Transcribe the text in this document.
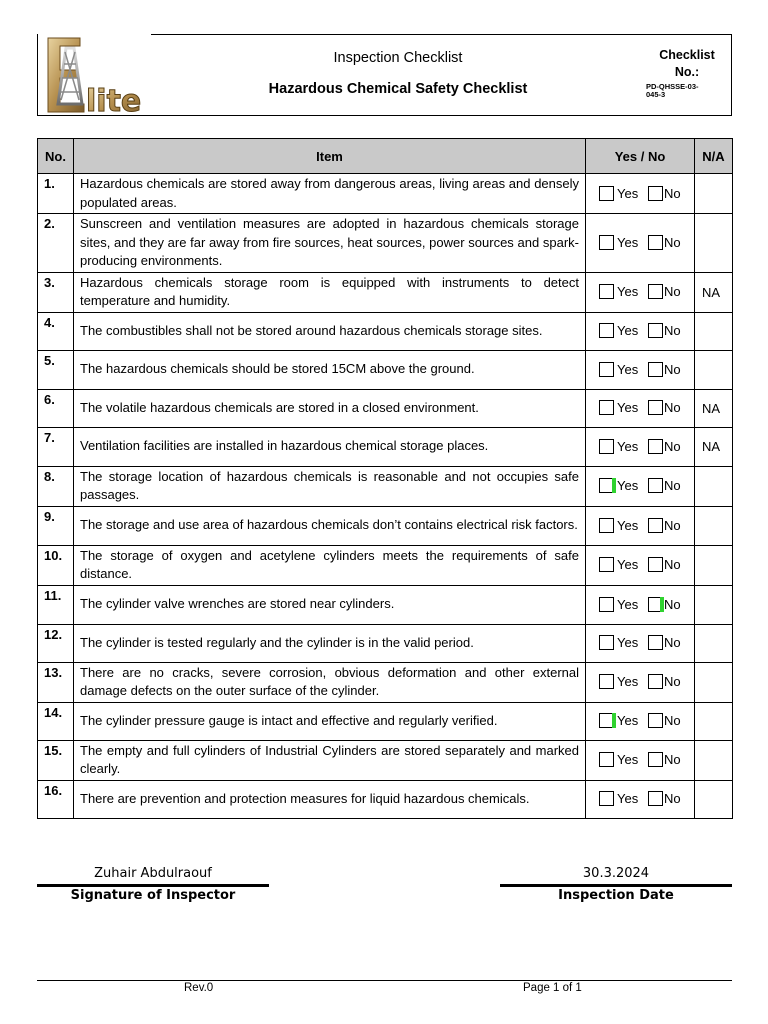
lite
Inspection Checklist
Hazardous Chemical Safety Checklist
Checklist
No.:
PD-QHSSE-03-
045-3
No.	Item	Yes / No	N/A
1.	Hazardous chemicals are stored away from dangerous areas, living areas and densely populated areas.	Yes No	

2.	Sunscreen and ventilation measures are adopted in hazardous chemicals storage sites, and they are far away from fire sources, heat sources, power sources and spark-producing environments.	Yes No	

3.	Hazardous chemicals storage room is equipped with instruments to detect temperature and humidity.	Yes No	NA
4.	The combustibles shall not be stored around hazardous chemicals storage sites.	Yes No	

5.	The hazardous chemicals should be stored 15CM above the ground.	Yes No	

6.	The volatile hazardous chemicals are stored in a closed environment.	Yes No	NA
7.	Ventilation facilities are installed in hazardous chemical storage places.	Yes No	NA
8.	The storage location of hazardous chemicals is reasonable and not occupies safe passages.	Yes No	

9.	The storage and use area of hazardous chemicals don’t contains electrical risk factors.	Yes No	

10.	The storage of oxygen and acetylene cylinders meets the requirements of safe distance.	Yes No	

11.	The cylinder valve wrenches are stored near cylinders.	Yes No	

12.	The cylinder is tested regularly and the cylinder is in the valid period.	Yes No	

13.	There are no cracks, severe corrosion, obvious deformation and other external damage defects on the outer surface of the cylinder.	Yes No	

14.	The cylinder pressure gauge is intact and effective and regularly verified.	Yes No	

15.	The empty and full cylinders of Industrial Cylinders are stored separately and marked clearly.	Yes No	

16.	There are prevention and protection measures for liquid hazardous chemicals.	Yes No	

Zuhair Abdulraouf
Signature of Inspector
30.3.2024
Inspection Date
Rev.0	Page 1 of 1
